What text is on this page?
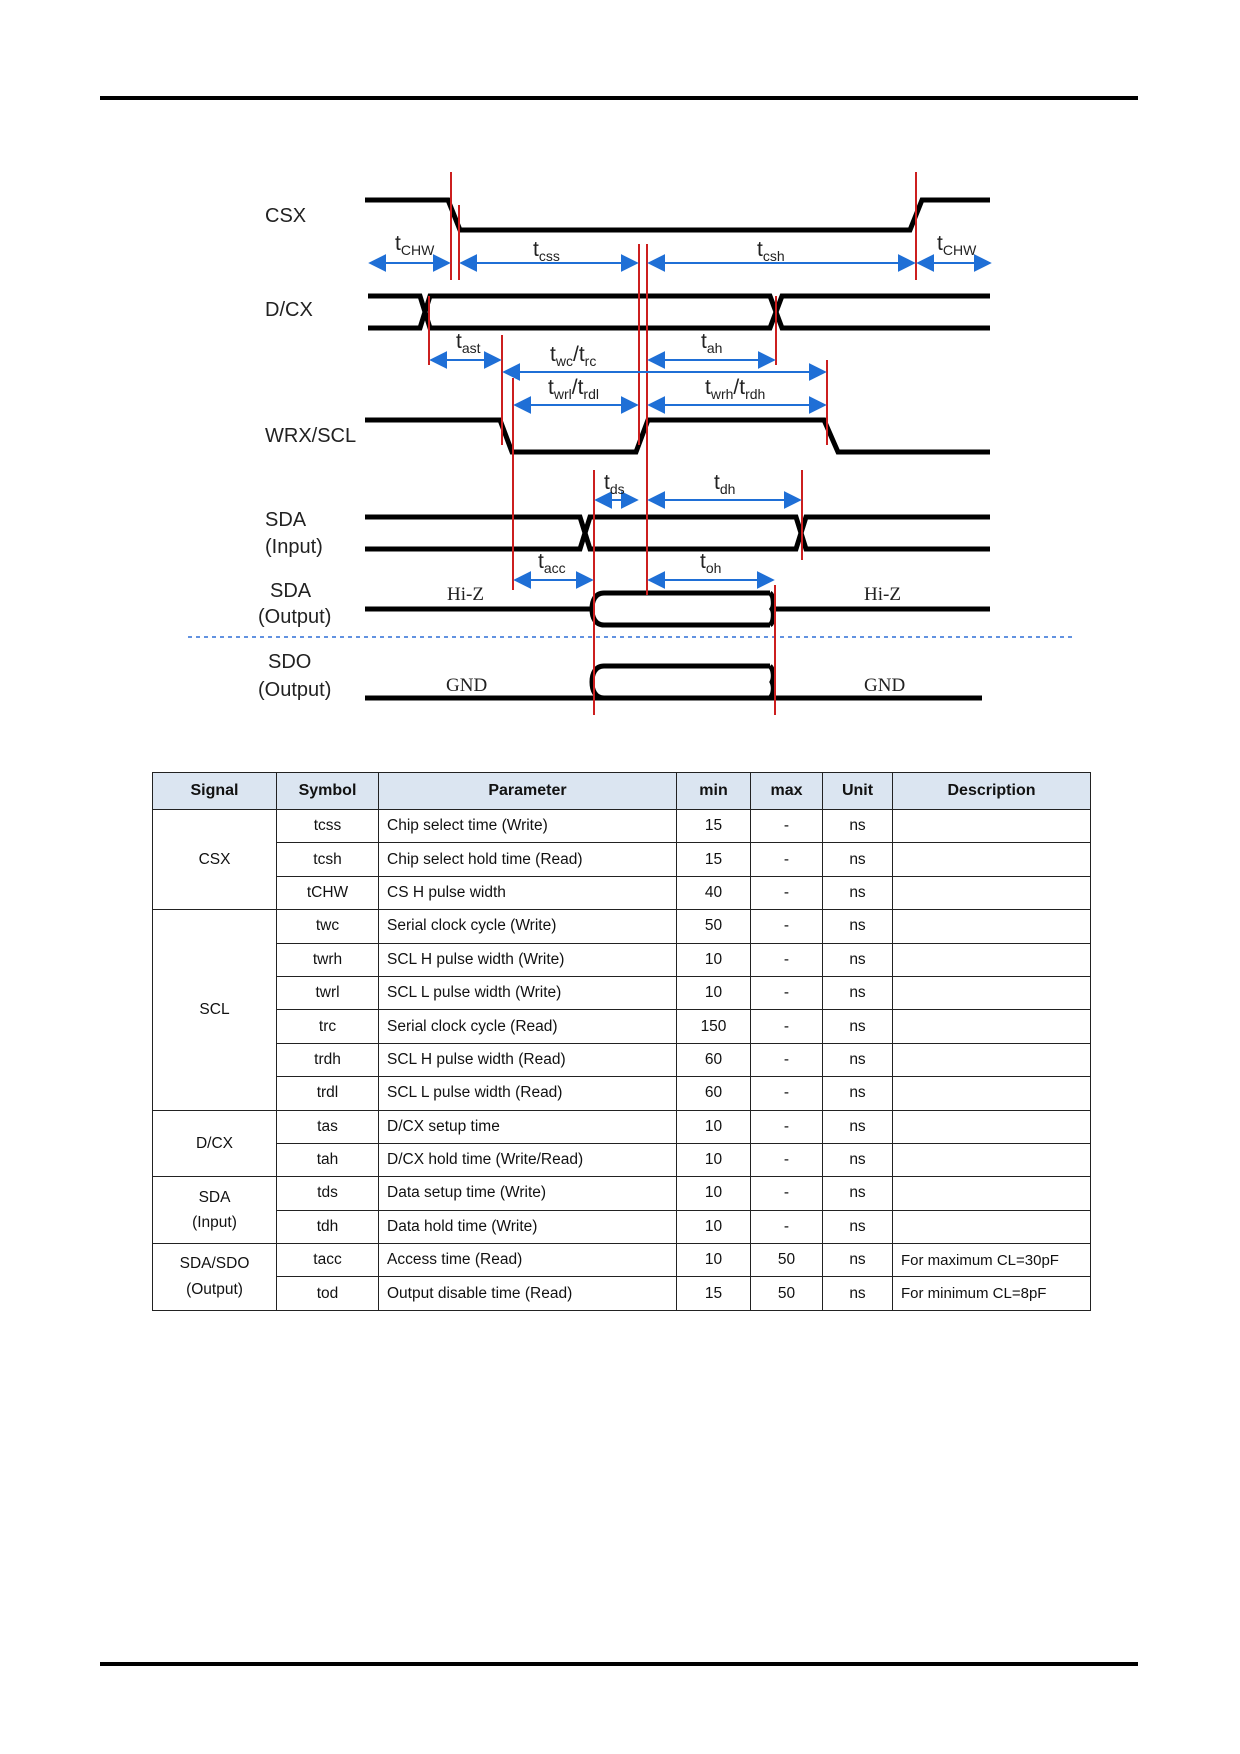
CSX
D/CX
WRX/SCL
SDA
(Input)
SDA
(Output)
SDO
(Output)
Hi-Z	Hi-Z
GND	GND
$t_{CHW}$	$t_{css}$	$t_{csh}$
$t_{CHW}$
$t_{ast}$	$t_{wc}/t_{rc}$
$t_{ah}$
$t_{wrl}/t_{rdl}$	$t_{wrh}/t_{rdh}$
$t_{ds}$	$t_{dh}$
$t_{acc}$	$t_{oh}$
Signal	Symbol	Parameter	min	max	Unit	Description
CSX	tcss	Chip select time (Write)	15	-	ns	
	tcsh	Chip select hold time (Read)	15	-	ns	
	tCHW	CS H pulse width	40	-	ns	
SCL	twc	Serial clock cycle (Write)	50	-	ns	
	twrh	SCL H pulse width (Write)	10	-	ns	
	twrl	SCL L pulse width (Write)	10	-	ns	
	trc	Serial clock cycle (Read)	150	-	ns	
	trdh	SCL H pulse width (Read)	60	-	ns	
	trdl	SCL L pulse width (Read)	60	-	ns	
D/CX	tas	D/CX setup time	10	-	ns	
	tah	D/CX hold time (Write/Read)	10	-	ns	
SDA
(Input)	tds	Data setup time (Write)	10	-	ns	
	tdh	Data hold time (Write)	10	-	ns	
SDA/SDO
(Output)	tacc	Access time (Read)	10	50	ns	For maximum CL=30pF
	tod	Output disable time (Read)	15	50	ns	For minimum CL=8pF
